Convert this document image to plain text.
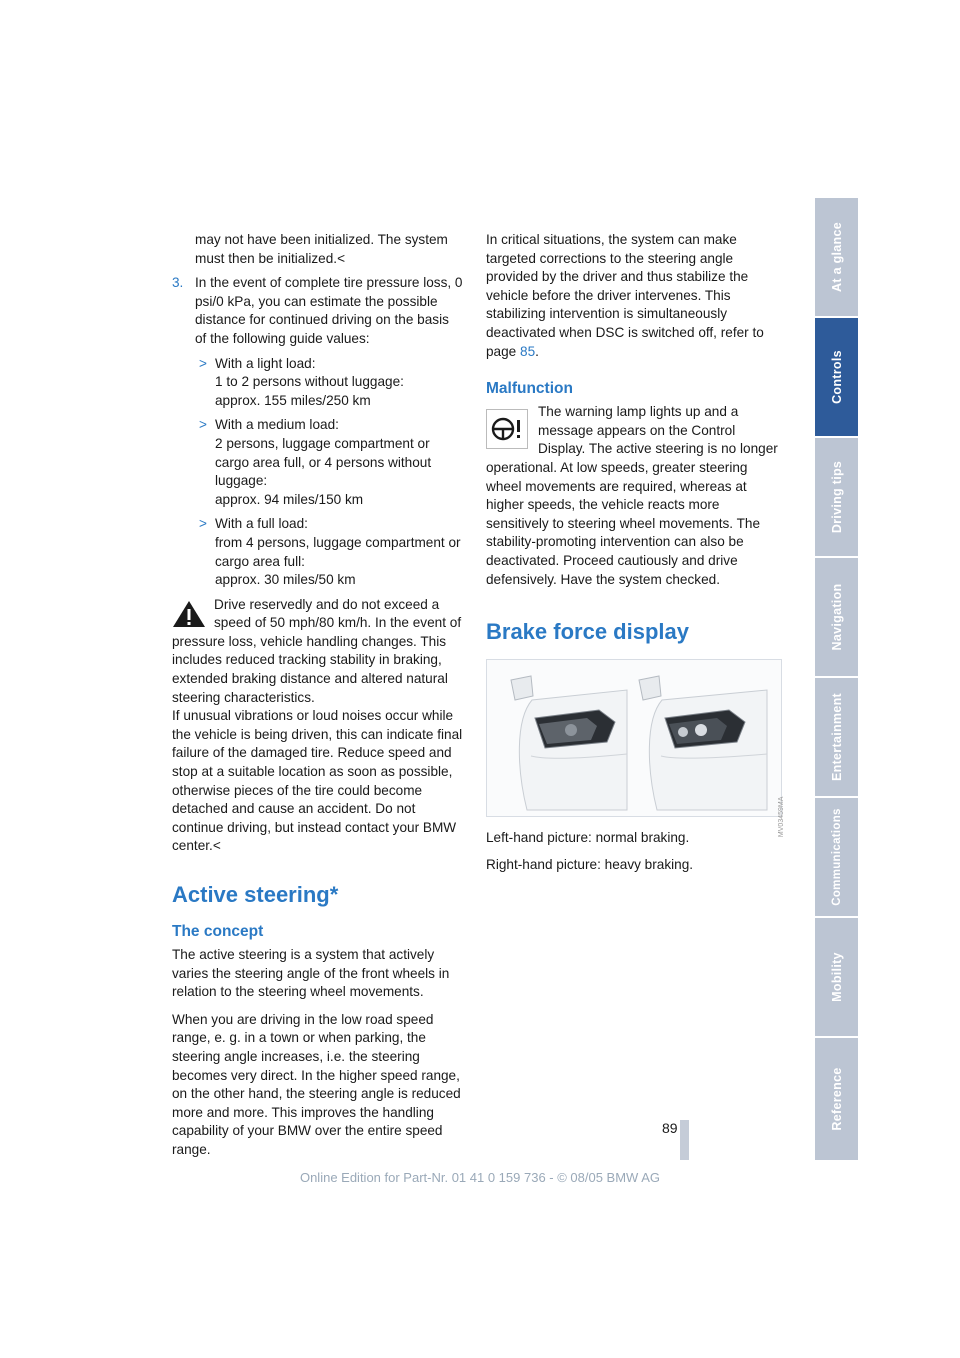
may not have been initialized. The system must then be initialized.<

3. In the event of complete tire pressure loss, 0 psi/0 kPa, you can estimate the possible distance for continued driving on the basis of the following guide values:

> With a light load:
1 to 2 persons without luggage:
approx. 155 miles/250 km

> With a medium load:
2 persons, luggage compartment or cargo area full, or 4 persons without luggage:
approx. 94 miles/150 km

> With a full load:
from 4 persons, luggage compartment or cargo area full:
approx. 30 miles/50 km

Drive reservedly and do not exceed a speed of 50 mph/80 km/h. In the event of pressure loss, vehicle handling changes. This includes reduced tracking stability in braking, extended braking distance and altered natural steering characteristics.

If unusual vibrations or loud noises occur while the vehicle is being driven, this can indicate final failure of the damaged tire. Reduce speed and stop at a suitable location as soon as possible, otherwise pieces of the tire could become detached and cause an accident. Do not continue driving, but instead contact your BMW center.<

Active steering*

The concept

The active steering is a system that actively varies the steering angle of the front wheels in relation to the steering wheel movements.

When you are driving in the low road speed range, e. g. in a town or when parking, the steering angle increases, i.e. the steering becomes very direct. In the higher speed range, on the other hand, the steering angle is reduced more and more. This improves the handling capability of your BMW over the entire speed range.

In critical situations, the system can make targeted corrections to the steering angle provided by the driver and thus stabilize the vehicle before the driver intervenes. This stabilizing intervention is simultaneously deactivated when DSC is switched off, refer to page 85.

Malfunction

The warning lamp lights up and a message appears on the Control Display. The active steering is no longer operational. At low speeds, greater steering wheel movements are required, whereas at higher speeds, the vehicle reacts more sensitively to steering wheel movements. The stability-promoting intervention can also be deactivated. Proceed cautiously and drive defensively. Have the system checked.

Brake force display

MV03459MA

Left-hand picture: normal braking.

Right-hand picture: heavy braking.

At a glance
Controls
Driving tips
Navigation
Entertainment
Communications
Mobility
Reference
89
Online Edition for Part-Nr. 01 41 0 159 736 - © 08/05 BMW AG
